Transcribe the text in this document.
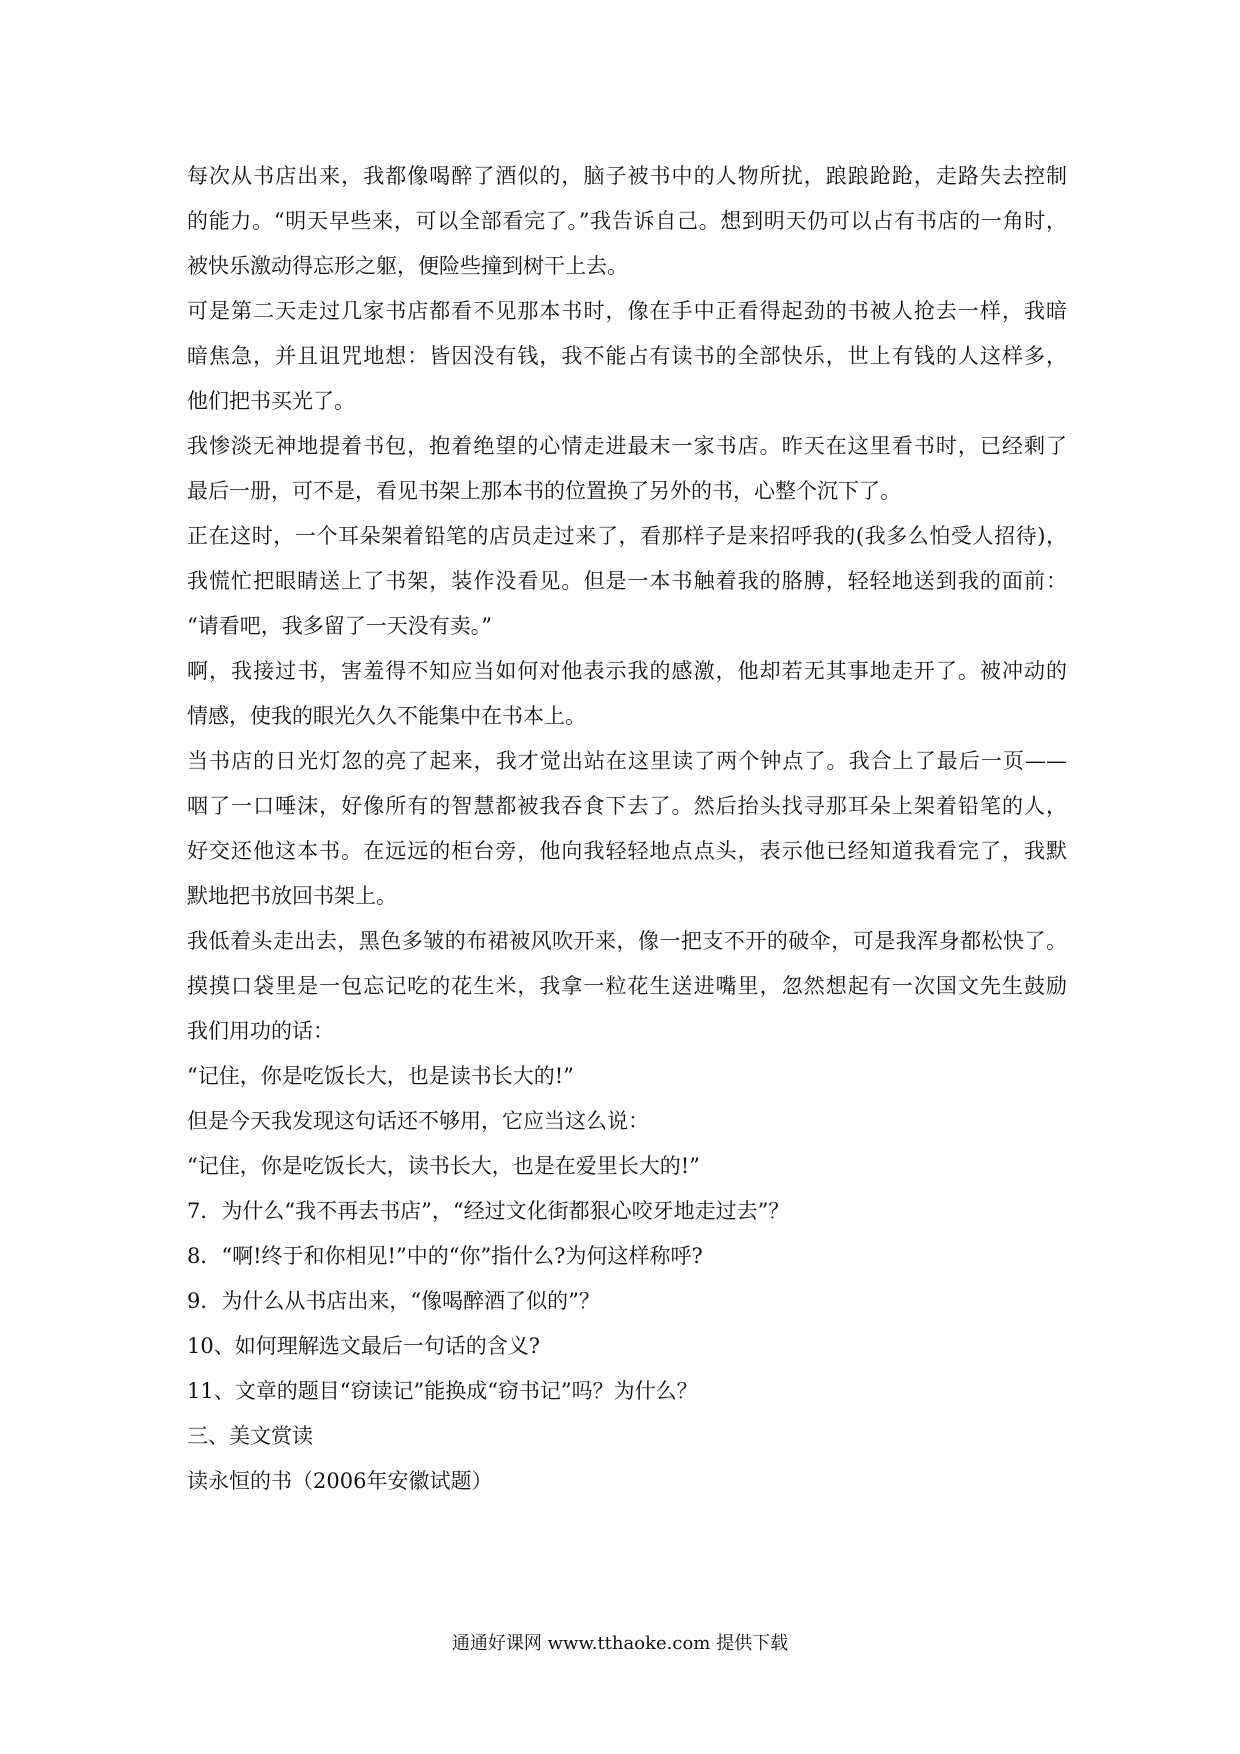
每次从书店出来，我都像喝醉了酒似的，脑子被书中的人物所扰，踉踉跄跄，走路失去控制
的能力。“明天早些来，可以全部看完了。”我告诉自己。想到明天仍可以占有书店的一角时，
被快乐激动得忘形之躯，便险些撞到树干上去。
可是第二天走过几家书店都看不见那本书时，像在手中正看得起劲的书被人抢去一样，我暗
暗焦急，并且诅咒地想：皆因没有钱，我不能占有读书的全部快乐，世上有钱的人这样多，
他们把书买光了。
我惨淡无神地提着书包，抱着绝望的心情走进最末一家书店。昨天在这里看书时，已经剩了
最后一册，可不是，看见书架上那本书的位置换了另外的书，心整个沉下了。
正在这时，一个耳朵架着铅笔的店员走过来了，看那样子是来招呼我的(我多么怕受人招待)，
我慌忙把眼睛送上了书架，装作没看见。但是一本书触着我的胳膊，轻轻地送到我的面前：
“请看吧，我多留了一天没有卖。”
啊，我接过书，害羞得不知应当如何对他表示我的感激，他却若无其事地走开了。被冲动的
情感，使我的眼光久久不能集中在书本上。
当书店的日光灯忽的亮了起来，我才觉出站在这里读了两个钟点了。我合上了最后一页——
咽了一口唾沫，好像所有的智慧都被我吞食下去了。然后抬头找寻那耳朵上架着铅笔的人，
好交还他这本书。在远远的柜台旁，他向我轻轻地点点头，表示他已经知道我看完了，我默
默地把书放回书架上。
我低着头走出去，黑色多皱的布裙被风吹开来，像一把支不开的破伞，可是我浑身都松快了。
摸摸口袋里是一包忘记吃的花生米，我拿一粒花生送进嘴里，忽然想起有一次国文先生鼓励
我们用功的话：
“记住，你是吃饭长大，也是读书长大的!”
但是今天我发现这句话还不够用，它应当这么说：
“记住，你是吃饭长大，读书长大，也是在爱里长大的!”
7．为什么“我不再去书店”，“经过文化街都狠心咬牙地走过去”？
8．“啊!终于和你相见!”中的“你”指什么?为何这样称呼?
9．为什么从书店出来，“像喝醉酒了似的”？
10、如何理解选文最后一句话的含义?
11、文章的题目“窃读记”能换成“窃书记”吗？为什么？
三、美文赏读
读永恒的书（2006年安徽试题）
通通好课网 www.tthaoke.com 提供下载
